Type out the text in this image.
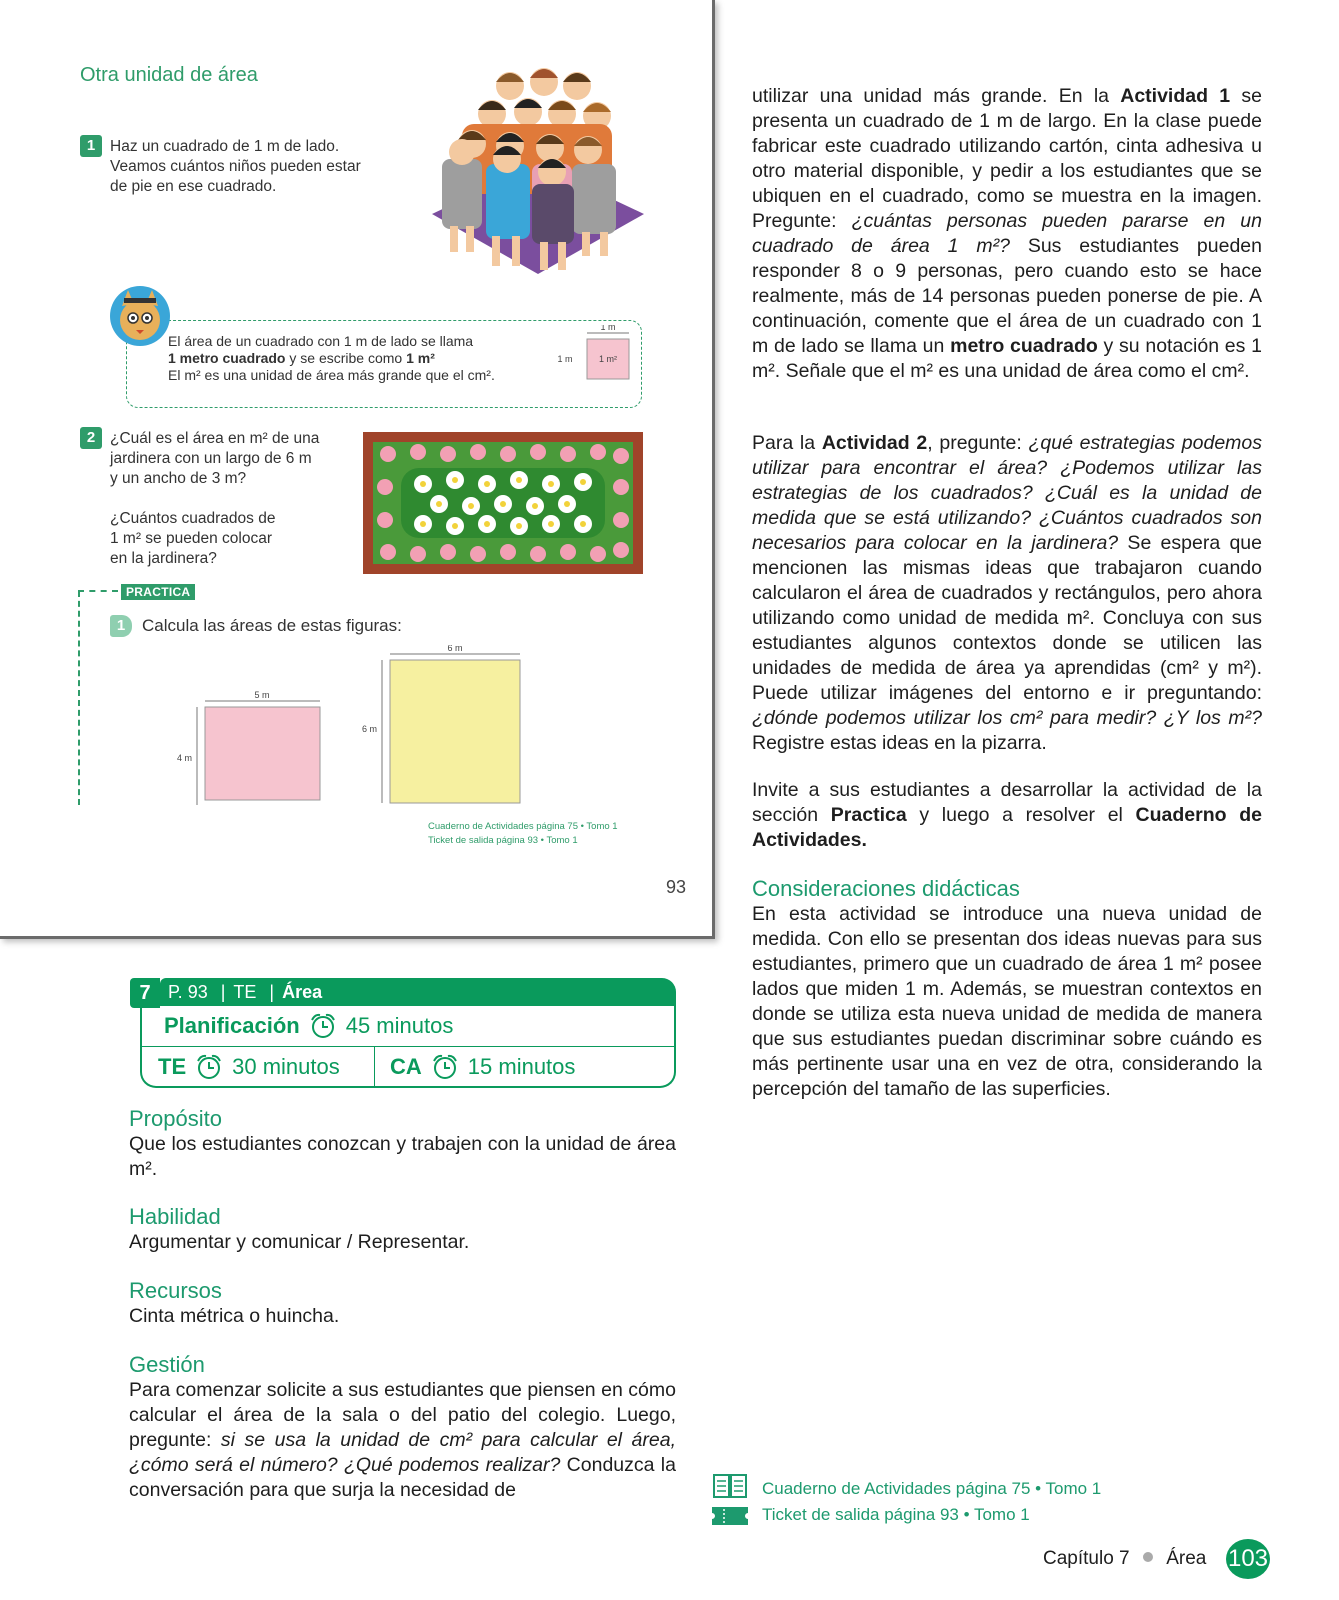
Otra unidad de área
1 Haz un cuadrado de 1 m de lado.
Veamos cuántos niños pueden estar
de pie en ese cuadrado.
El área de un cuadrado con 1 m de lado se llama
1 metro cuadrado y se escribe como 1 m²
El m² es una unidad de área más grande que el cm².
1 m
1 m²
1 m
2 ¿Cuál es el área en m² de una
jardinera con un largo de 6 m
y un ancho de 3 m?
¿Cuántos cuadrados de
1 m² se pueden colocar
en la jardinera?
PRACTICA
1 Calcula las áreas de estas figuras:
5 m
4 m
6 m
6 m
Cuaderno de Actividades página 75 • Tomo 1
Ticket de salida página 93 • Tomo 1
93
7 P. 93 | TE | Área
Planificación 45 minutos
TE 30 minutos CA 15 minutos
Propósito
Que los estudiantes conozcan y trabajen con la unidad de área m².
Habilidad
Argumentar y comunicar / Representar.
Recursos
Cinta métrica o huincha.
Gestión
Para comenzar solicite a sus estudiantes que piensen en cómo calcular el área de la sala o del patio del colegio. Luego, pregunte: si se usa la unidad de cm² para calcular el área, ¿cómo será el número? ¿Qué podemos realizar? Conduzca la conversación para que surja la necesidad de
utilizar una unidad más grande. En la Actividad 1 se presenta un cuadrado de 1 m de largo. En la clase puede fabricar este cuadrado utilizando cartón, cinta adhesiva u otro material disponible, y pedir a los estudiantes que se ubiquen en el cuadrado, como se muestra en la imagen. Pregunte: ¿cuántas personas pueden pararse en un cuadrado de área 1 m²? Sus estudiantes pueden responder 8 o 9 personas, pero cuando esto se hace realmente, más de 14 personas pueden ponerse de pie. A continuación, comente que el área de un cuadrado con 1 m de lado se llama un metro cuadrado y su notación es 1 m². Señale que el m² es una unidad de área como el cm².
Para la Actividad 2, pregunte: ¿qué estrategias podemos utilizar para encontrar el área? ¿Podemos utilizar las estrategias de los cuadrados? ¿Cuál es la unidad de medida que se está utilizando? ¿Cuántos cuadrados son necesarios para colocar en la jardinera? Se espera que mencionen las mismas ideas que trabajaron cuando calcularon el área de cuadrados y rectángulos, pero ahora utilizando como unidad de medida m². Concluya con sus estudiantes algunos contextos donde se utilicen las unidades de medida de área ya aprendidas (cm² y m²). Puede utilizar imágenes del entorno e ir preguntando: ¿dónde podemos utilizar los cm² para medir? ¿Y los m²? Registre estas ideas en la pizarra.
Invite a sus estudiantes a desarrollar la actividad de la sección Practica y luego a resolver el Cuaderno de Actividades.
Consideraciones didácticas
En esta actividad se introduce una nueva unidad de medida. Con ello se presentan dos ideas nuevas para sus estudiantes, primero que un cuadrado de área 1 m² posee lados que miden 1 m. Además, se muestran contextos en donde se utiliza esta nueva unidad de medida de manera que sus estudiantes puedan discriminar sobre cuándo es más pertinente usar una en vez de otra, considerando la percepción del tamaño de las superficies.
Cuaderno de Actividades página 75 • Tomo 1
Ticket de salida página 93 • Tomo 1
Capítulo 7 Área 103
